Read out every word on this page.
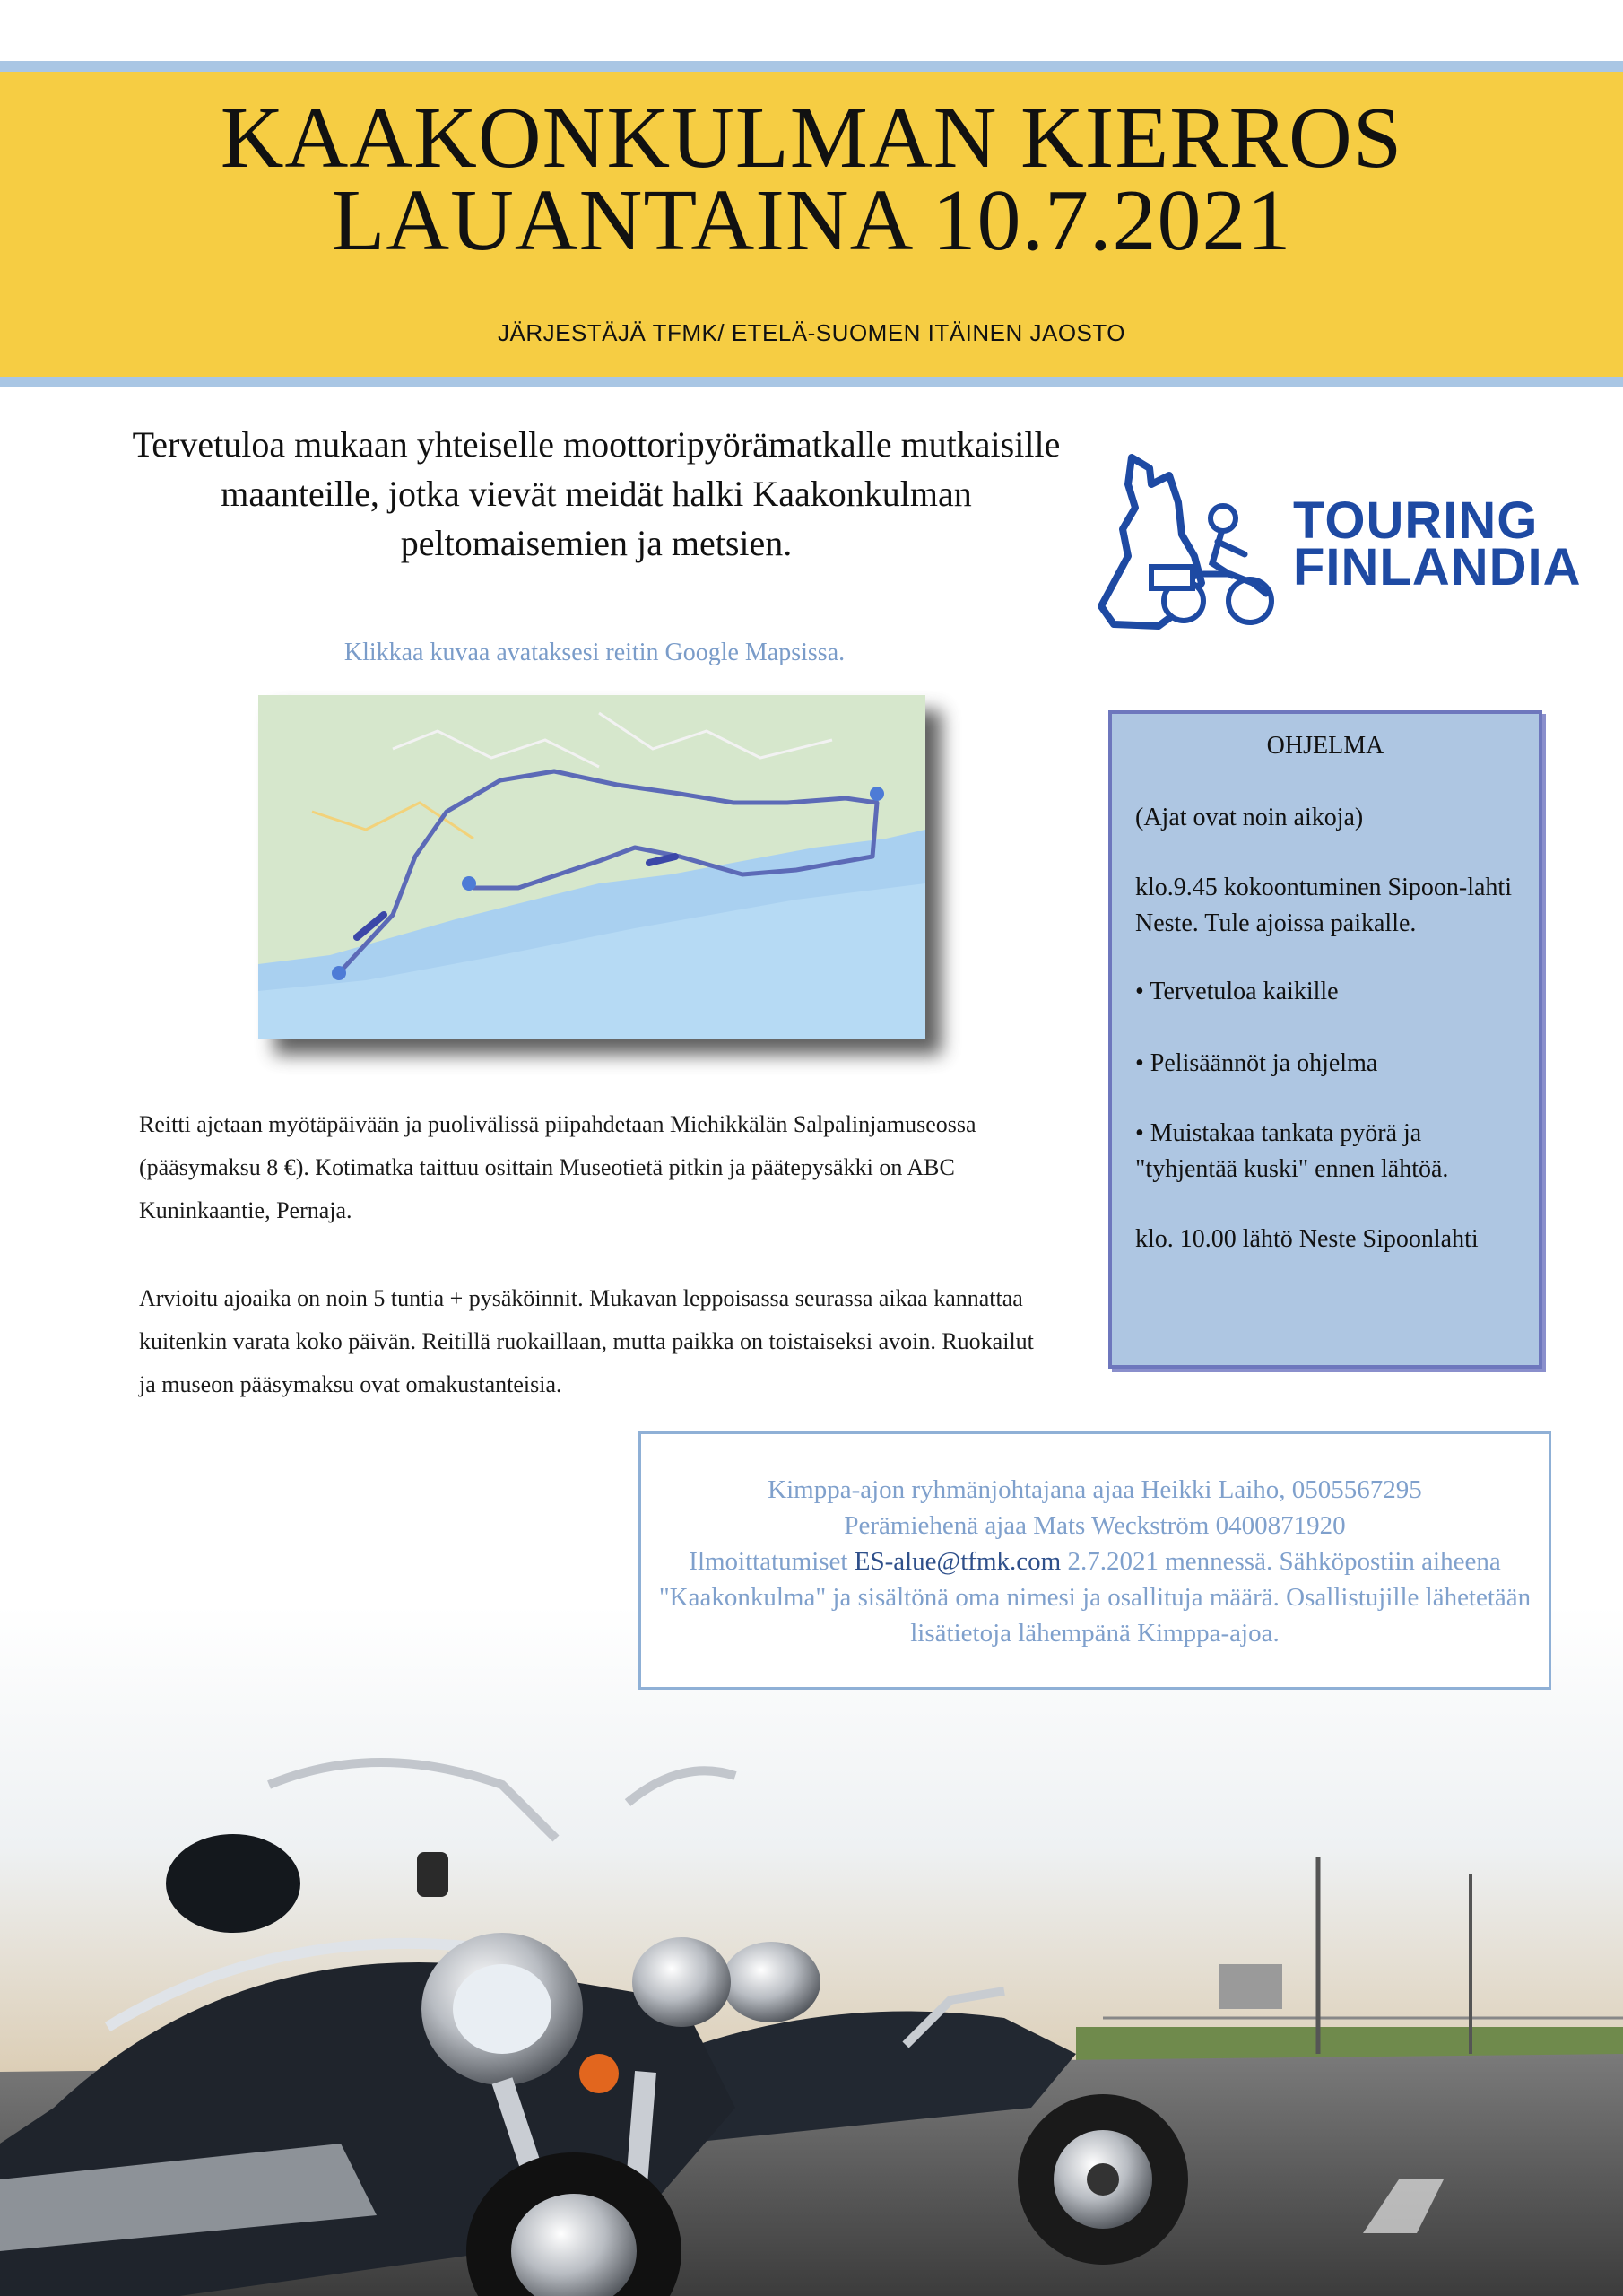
KAAKONKULMAN KIERROS
LAUANTAINA 10.7.2021
JÄRJESTÄJÄ TFMK/ ETELÄ-SUOMEN ITÄINEN JAOSTO
Tervetuloa mukaan yhteiselle moottoripyörämatkalle mutkaisille maanteille, jotka vievät meidät halki Kaakonkulman peltomaisemien ja metsien.	TOURING
FINLANDIA
Klikkaa kuvaa avataksesi reitin Google Mapsissa.
Reitti ajetaan myötäpäivään ja puolivälissä piipahdetaan Miehikkälän Salpalinjamuseossa (pääsymaksu 8 €). Kotimatka taittuu osittain Museotietä pitkin ja päätepysäkki on ABC Kuninkaantie, Pernaja.
Arvioitu ajoaika on noin 5 tuntia + pysäköinnit. Mukavan leppoisassa seurassa aikaa kannattaa kuitenkin varata koko päivän. Reitillä ruokaillaan, mutta paikka on toistaiseksi avoin. Ruokailut ja museon pääsymaksu ovat omakustanteisia.
OHJELMA
(Ajat ovat noin aikoja)
klo.9.45 kokoontuminen Sipoon-lahti Neste. Tule ajoissa paikalle.
• Tervetuloa kaikille
• Pelisäännöt ja ohjelma
• Muistakaa tankata pyörä ja "tyhjentää kuski" ennen lähtöä.
klo. 10.00 lähtö Neste Sipoonlahti
Kimppa-ajon ryhmänjohtajana ajaa Heikki Laiho, 0505567295
Perämiehenä ajaa Mats Weckström 0400871920
Ilmoittatumiset ES-alue@tfmk.com 2.7.2021 mennessä. Sähköpostiin aiheena "Kaakonkulma" ja sisältönä oma nimesi ja osallituja määrä. Osallistujille lähetetään lisätietoja lähempänä Kimppa-ajoa.
